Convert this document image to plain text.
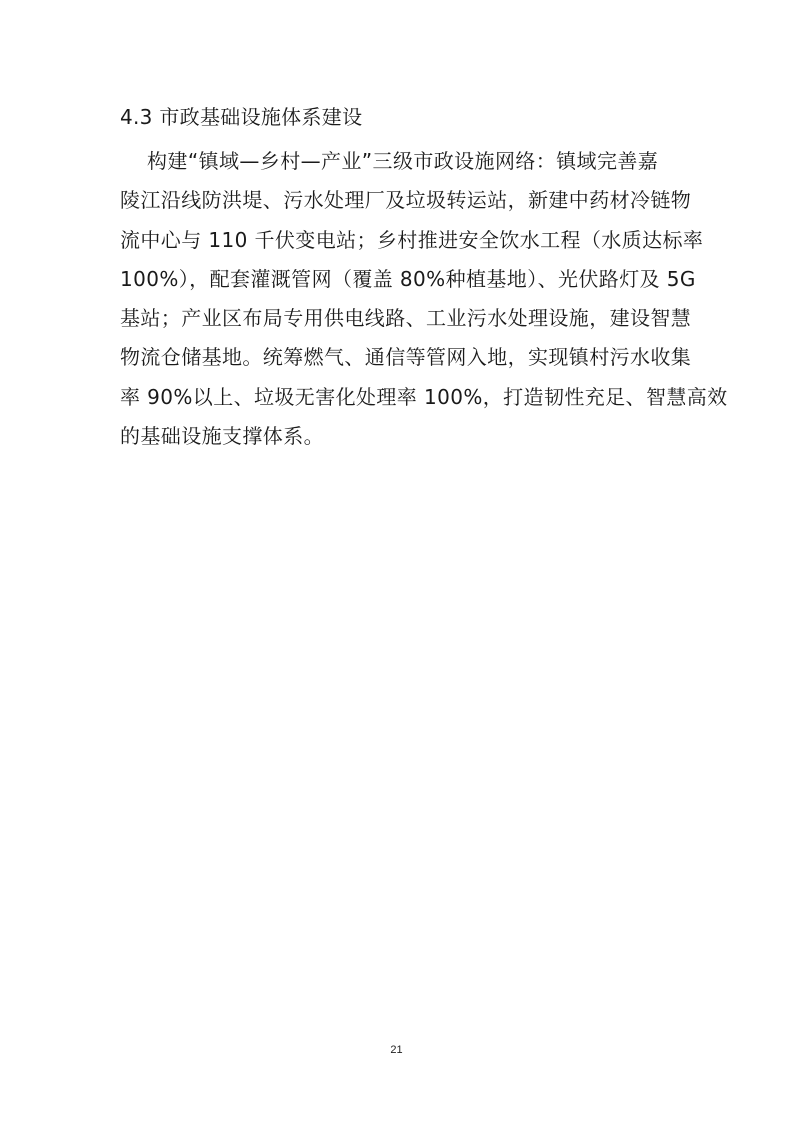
4.3 市政基础设施体系建设
构建“镇域—乡村—产业”三级市政设施网络：镇域完善嘉
陵江沿线防洪堤、污水处理厂及垃圾转运站，新建中药材冷链物
流中心与 110 千伏变电站；乡村推进安全饮水工程（水质达标率
100%），配套灌溉管网（覆盖 80%种植基地）、光伏路灯及 5G
基站；产业区布局专用供电线路、工业污水处理设施，建设智慧
物流仓储基地。统筹燃气、通信等管网入地，实现镇村污水收集
率 90%以上、垃圾无害化处理率 100%，打造韧性充足、智慧高效
的基础设施支撑体系。
21
